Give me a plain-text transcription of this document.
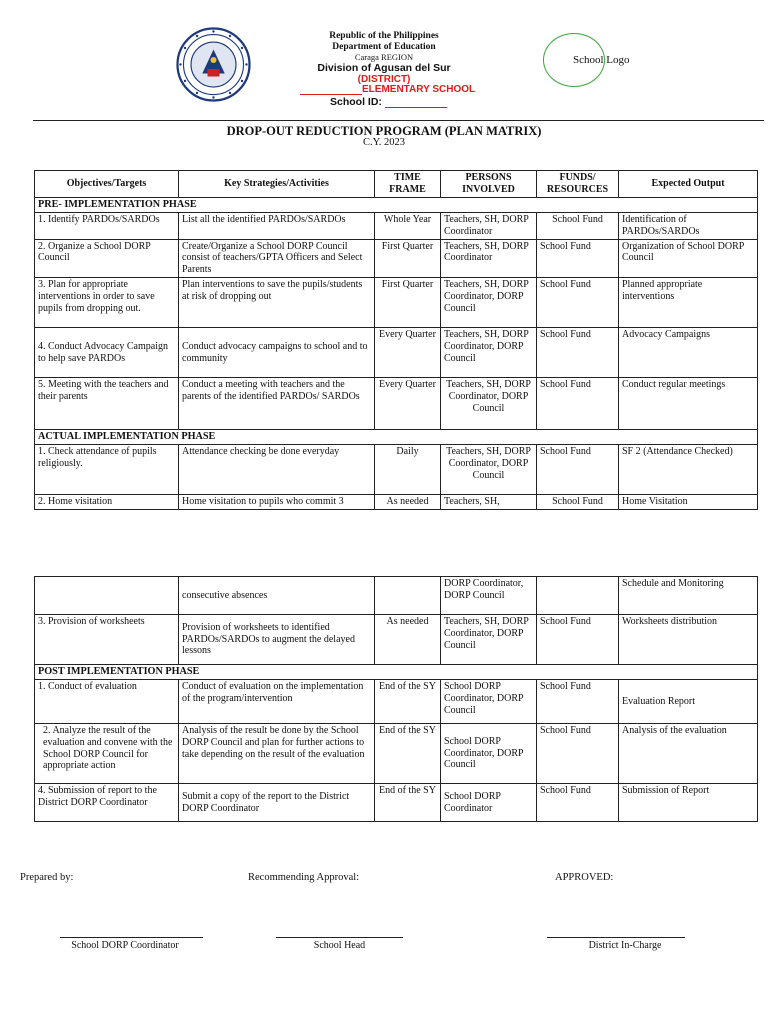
Republic of the Philippines
Department of Education
Caraga REGION
Division of Agusan del Sur
(DISTRICT)
ELEMENTARY SCHOOL
School ID:
School Logo
DROP-OUT REDUCTION PROGRAM (PLAN MATRIX)
C.Y. 2023
Objectives/Targets	Key Strategies/Activities	TIME FRAME	PERSONS INVOLVED	FUNDS/ RESOURCES	Expected Output
PRE- IMPLEMENTATION PHASE					
1. Identify PARDOs/SARDOs	List all the identified PARDOs/SARDOs	Whole Year	Teachers, SH, DORP Coordinator	School Fund	Identification of PARDOs/SARDOs
2. Organize a School DORP Council	Create/Organize a School DORP Council consist of teachers/GPTA Officers and Select Parents	First Quarter	Teachers, SH, DORP Coordinator	School Fund	Organization of School DORP Council
3. Plan for appropriate interventions in order to save pupils from dropping out.	Plan interventions to save the pupils/students at risk of dropping out	First Quarter	Teachers, SH, DORP Coordinator, DORP Council	School Fund	Planned appropriate interventions
4. Conduct Advocacy Campaign to help save PARDOs	Conduct advocacy campaigns to school and to community	Every Quarter	Teachers, SH, DORP Coordinator, DORP Council	School Fund	Advocacy Campaigns
5. Meeting with the teachers and their parents	Conduct a meeting with teachers and the parents of the identified PARDOs/ SARDOs	Every Quarter	Teachers, SH, DORP Coordinator, DORP Council	School Fund	Conduct regular meetings
ACTUAL IMPLEMENTATION PHASE					
1. Check attendance of pupils religiously.	Attendance checking be done everyday	Daily	Teachers, SH, DORP Coordinator, DORP Council	School Fund	SF 2 (Attendance Checked)
2. Home visitation	Home visitation to pupils who commit 3	As needed	Teachers, SH,	School Fund	Home Visitation
	consecutive absences		DORP Coordinator, DORP Council		Schedule and Monitoring
3. Provision of worksheets	Provision of worksheets to identified PARDOs/SARDOs to augment the delayed lessons	As needed	Teachers, SH, DORP Coordinator, DORP Council	School Fund	Worksheets distribution
POST IMPLEMENTATION PHASE					
1. Conduct of evaluation	Conduct of evaluation on the implementation of the program/intervention	End of the SY	School DORP Coordinator, DORP Council	School Fund	Evaluation Report
2. Analyze the result of the evaluation and convene with the School DORP Council for appropriate action	Analysis of the result be done by the School DORP Council and plan for further actions to take depending on the result of the evaluation	End of the SY	School DORP Coordinator, DORP Council	School Fund	Analysis of the evaluation
4. Submission of report to the District DORP Coordinator	Submit a copy of the report to the District DORP Coordinator	End of the SY	School DORP Coordinator	School Fund	Submission of Report
Prepared by:	Recommending Approval:	APPROVED:
School DORP Coordinator	School Head	District In-Charge
